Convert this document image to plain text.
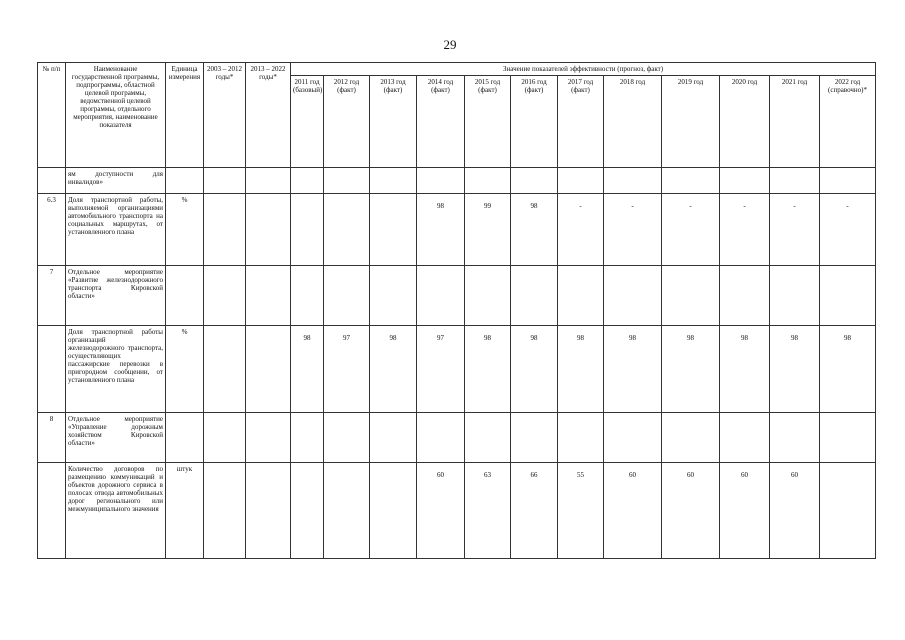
29
№ п/п	Наименование государственной программы, подпрограммы, областной целевой программы, ведомственной целевой программы, отдельного мероприятия, наименование показателя	Единица измерения	2003 – 2012 годы*	2013 – 2022 годы*	Значение показателей эффективности (прогноз, факт)											
					2011 год (базовый)	2012 год (факт)	2013 год (факт)	2014 год (факт)	2015 год (факт)	2016 год (факт)	2017 год (факт)	2018 год	2019 год	2020 год	2021 год	2022 год (справочно)*
	ям доступности для инвалидов»															
6.3	Доля транспортной работы, выполняемой организациями автомобильного транспорта на социальных маршрутах, от установленного плана	%						98	99	98	-	-	-	-	-	-
7	Отдельное мероприятие «Развитие железнодорожного транспорта Кировской области»															
	Доля транспортной работы организаций железнодорожного транспорта, осуществляющих пассажирские перевозки в пригородном сообщении, от установленного плана	%			98	97	98	97	98	98	98	98	98	98	98	98
8	Отдельное мероприятие «Управление дорожным хозяйством Кировской области»															
	Количество договоров по размещению коммуникаций и объектов дорожного сервиса в полосах отвода автомобильных дорог регионального или межмуниципального значения	штук						60	63	66	55	60	60	60	60	
